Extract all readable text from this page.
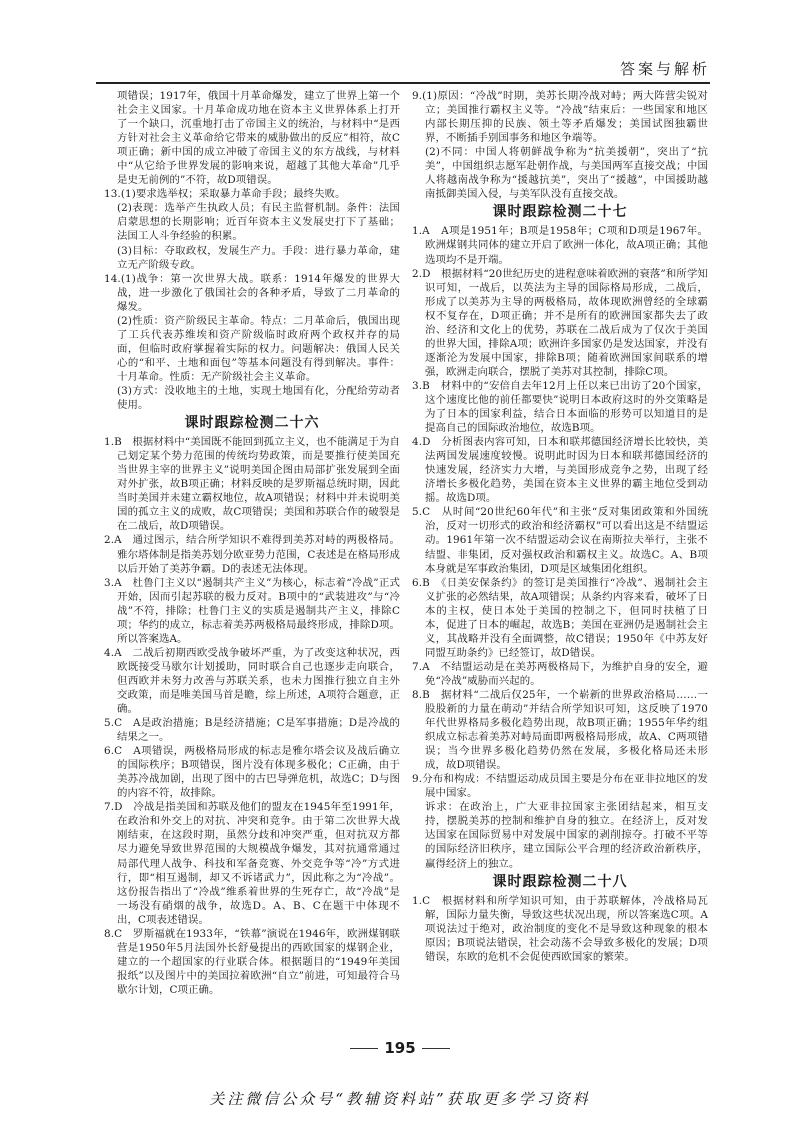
答案与解析

项错误；1917年，俄国十月革命爆发，建立了世界上第一个社会主义国家。十月革命成功地在资本主义世界体系上打开了一个缺口，沉重地打击了帝国主义的统治，与材料中“是西方针对社会主义革命给它带来的威胁做出的反应”相符，故C项正确；新中国的成立冲破了帝国主义的东方战线，与材料中“从它给予世界发展的影响来说，超越了其他大革命”几乎是史无前例的”不符，故D项错误。

13.(1)要求选举权；采取暴力革命手段；最终失败。

(2)表现：选举产生执政人员；有民主监督机制。条件：法国启蒙思想的长期影响；近百年资本主义发展史打下了基础；法国工人斗争经验的积累。

(3)目标：夺取政权，发展生产力。手段：进行暴力革命，建立无产阶级专政。

14.(1)战争：第一次世界大战。联系：1914年爆发的世界大战，进一步激化了俄国社会的各种矛盾，导致了二月革命的爆发。

(2)性质：资产阶级民主革命。特点：二月革命后，俄国出现了工兵代表苏维埃和资产阶级临时政府两个政权并存的局面，但临时政府掌握着实际的权力。问题解决：俄国人民关心的“和平、土地和面包”等基本问题没有得到解决。事件：十月革命。性质：无产阶级社会主义革命。

(3)方式：没收地主的土地，实现土地国有化，分配给劳动者使用。

课时跟踪检测二十六

1.B　根据材料中“美国既不能回到孤立主义，也不能满足于为自己划定某个势力范围的传统均势政策，而是要推行使美国充当世界主宰的世界主义”说明美国企图由局部扩张发展到全面对外扩张，故B项正确；材料反映的是罗斯福总统时期，因此当时美国并未建立霸权地位，故A项错误；材料中并未说明美国的孤立主义的成败，故C项错误；美国和苏联合作的破裂是在二战后，故D项错误。

2.A　通过图示，结合所学知识不难得到美苏对峙的两极格局。雅尔塔体制是指美苏划分欧亚势力范围，C表述是在格局形成以后开始了美苏争霸。D的表述无法体现。

3.A　杜鲁门主义以“遏制共产主义”为核心，标志着“冷战”正式开始，因而引起苏联的极力反对。B项中的“武装进攻”与“冷战”不符，排除；杜鲁门主义的实质是遏制共产主义，排除C项；华约的成立，标志着美苏两极格局最终形成，排除D项。所以答案选A。

4.A　二战后初期西欧受战争破坏严重，为了改变这种状况，西欧既接受马歇尔计划援助，同时联合自己也逐步走向联合，但西欧并未努力改善与苏联关系，也未力图推行独立自主外交政策，而是唯美国马首是瞻，综上所述，A项符合题意，正确。

5.C　A是政治措施；B是经济措施；C是军事措施；D是冷战的结果之一。

6.C　A项错误，两极格局形成的标志是雅尔塔会议及战后确立的国际秩序；B项错误，图片没有体现多极化；C正确，由于美苏冷战加剧，出现了图中的古巴导弹危机，故选C；D与图的内容不符，故排除。

7.D　冷战是指美国和苏联及他们的盟友在1945年至1991年，在政治和外交上的对抗、冲突和竞争。由于第二次世界大战刚结束，在这段时期，虽然分歧和冲突严重，但对抗双方都尽力避免导致世界范围的大规模战争爆发，其对抗通常通过局部代理人战争、科技和军备竞赛、外交竞争等“冷”方式进行，即“相互遏制，却又不诉诸武力”，因此称之为“冷战”。这份报告指出了“冷战”维系着世界的生死存亡，故“冷战”是一场没有硝烟的战争，故选D。A、B、C在题干中体现不出，C项表述错误。

8.C　罗斯福就在1933年，“铁幕”演说在1946年，欧洲煤钢联营是1950年5月法国外长舒曼提出的西欧国家的煤钢企业，建立的一个超国家的行业联合体。根据题目的“1949年美国报纸”以及图片中的美国拉着欧洲“自立”前进，可知最符合马歇尔计划，C项正确。

9.(1)原因：“冷战”时期，美苏长期冷战对峙；两大阵营尖锐对立；美国推行霸权主义等。“冷战”结束后：一些国家和地区内部长期压抑的民族、领土等矛盾爆发；美国试图独霸世界，不断插手别国事务和地区争端等。

(2)不同：中国人将朝鲜战争称为“抗美援朝”，突出了“抗美”，中国组织志愿军赴朝作战，与美国两军直接交战；中国人将越南战争称为“援越抗美”，突出了“援越”，中国援助越南抵御美国入侵，与美军队没有直接交战。

课时跟踪检测二十七

1.A　A项是1951年；B项是1958年；C项和D项是1967年。欧洲煤钢共同体的建立开启了欧洲一体化，故A项正确；其他选项均不是开端。

2.D　根据材料“20世纪历史的进程意味着欧洲的衰落”和所学知识可知，一战后，以英法为主导的国际格局形成，二战后，形成了以美苏为主导的两极格局，故体现欧洲曾经的全球霸权不复存在，D项正确；并不是所有的欧洲国家都失去了政治、经济和文化上的优势，苏联在二战后成为了仅次于美国的世界大国，排除A项；欧洲许多国家仍是发达国家，并没有逐渐沦为发展中国家，排除B项；随着欧洲国家间联系的增强，欧洲走向联合，摆脱了美苏对其控制，排除C项。

3.B　材料中的“安倍自去年12月上任以来已出访了20个国家，这个速度比他的前任都要快”说明日本政府这时的外交策略是为了日本的国家利益，结合日本面临的形势可以知道目的是提高自己的国际政治地位，故选B项。

4.D　分析图表内容可知，日本和联邦德国经济增长比较快，美法两国发展速度较慢。说明此时因为日本和联邦德国经济的快速发展，经济实力大增，与美国形成竞争之势，出现了经济增长多极化趋势，美国在资本主义世界的霸主地位受到动摇。故选D项。

5.C　从时间“20世纪60年代”和主张“反对集团政策和外国统治，反对一切形式的政治和经济霸权”可以看出这是不结盟运动。1961年第一次不结盟运动会议在南斯拉夫举行，主张不结盟、非集团，反对强权政治和霸权主义。故选C。A、B项本身就是军事政治集团，D项是区域集团化组织。

6.B　《日美安保条约》的签订是美国推行“冷战”、遏制社会主义扩张的必然结果，故A项错误；从条约内容来看，破坏了日本的主权，使日本处于美国的控制之下，但同时扶植了日本，促进了日本的崛起，故选B；美国在亚洲仍是遏制社会主义，其战略并没有全面调整，故C错误；1950年《中苏友好同盟互助条约》已经签订，故D错误。

7.A　不结盟运动是在美苏两极格局下，为维护自身的安全，避免“冷战”威胁而兴起的。

8.B　据材料“二战后仅25年，一个崭新的世界政治格局……一股股新的力量在萌动”并结合所学知识可知，这反映了1970年代世界格局多极化趋势出现，故B项正确；1955年华约组织成立标志着美苏对峙局面即两极格局形成，故A、C两项错误；当今世界多极化趋势仍然在发展，多极化格局还未形成，故D项错误。

9.分布和构成：不结盟运动成员国主要是分布在亚非拉地区的发展中国家。

诉求：在政治上，广大亚非拉国家主张团结起来，相互支持，摆脱美苏的控制和维护自身的独立。在经济上，反对发达国家在国际贸易中对发展中国家的剥削掠夺。打破不平等的国际经济旧秩序，建立国际公平合理的经济政治新秩序，赢得经济上的独立。

课时跟踪检测二十八

1.C　根据材料和所学知识可知，由于苏联解体，冷战格局瓦解，国际力量失衡，导致这些状况出现，所以答案选C项。A项说法过于绝对，政治制度的变化不是导致这种现象的根本原因；B项说法错误，社会动荡不会导致多极化的发展；D项错误，东欧的危机不会促使西欧国家的繁荣。

195
关注微信公众号“教辅资料站”获取更多学习资料
